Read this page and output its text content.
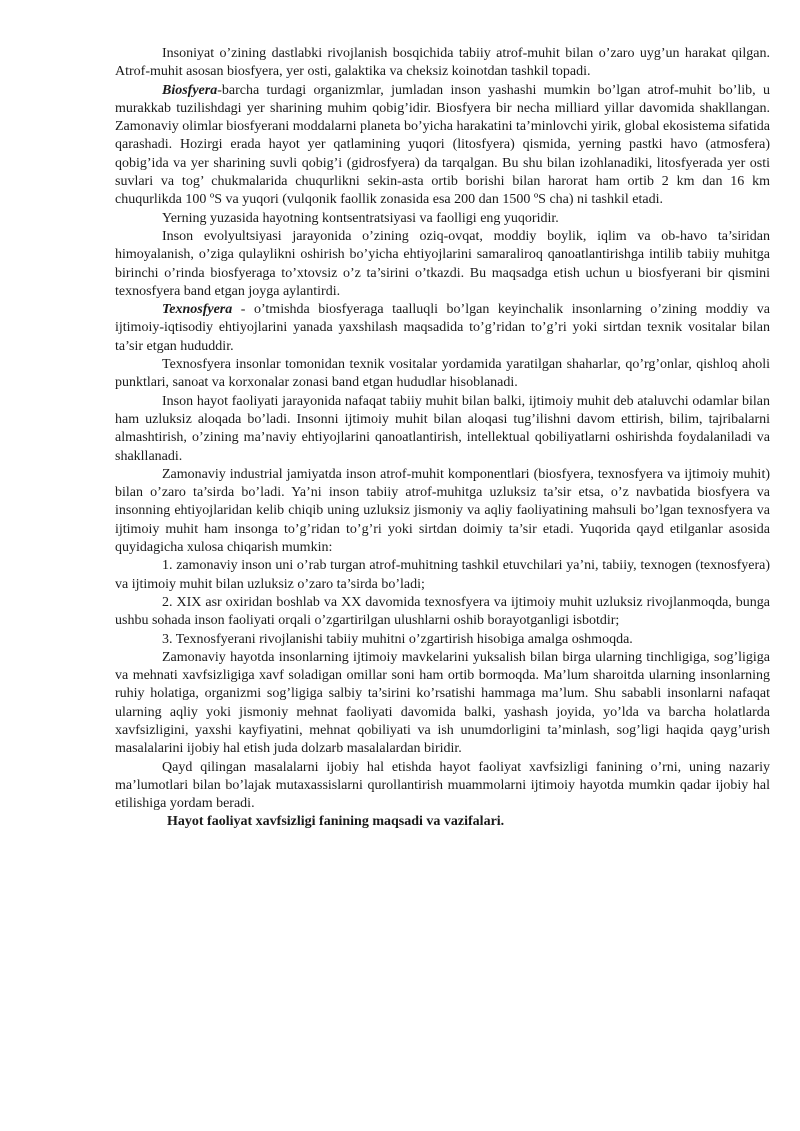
Insoniyat o’zining dastlabki rivojlanish bosqichida tabiiy atrof-muhit bilan o’zaro uyg’un harakat qilgan. Atrof-muhit asosan biosfyera, yer osti, galaktika va cheksiz koinotdan tashkil topadi.

Biosfyera-barcha turdagi organizmlar, jumladan inson yashashi mumkin bo’lgan atrof-muhit bo’lib, u murakkab tuzilishdagi yer sharining muhim qobig’idir. Biosfyera bir necha milliard yillar davomida shakllangan. Zamonaviy olimlar biosfyerani moddalarni planeta bo’yicha harakatini ta’minlovchi yirik, global ekosistema sifatida qarashadi. Hozirgi erada hayot yer qatlamining yuqori (litosfyera) qismida, yerning pastki havo (atmosfera) qobig’ida va yer sharining suvli qobig’i (gidrosfyera) da tarqalgan. Bu shu bilan izohlanadiki, litosfyerada yer osti suvlari va tog’ chukmalarida chuqurlikni sekin-asta ortib borishi bilan harorat ham ortib 2 km dan 16 km chuqurlikda 100 ºS va yuqori (vulqonik faollik zonasida esa 200 dan 1500 ºS cha) ni tashkil etadi.

Yerning yuzasida hayotning kontsentratsiyasi va faolligi eng yuqoridir.

Inson evolyultsiyasi jarayonida o’zining oziq-ovqat, moddiy boylik, iqlim va ob-havo ta’siridan himoyalanish, o’ziga qulaylikni oshirish bo’yicha ehtiyojlarini samaraliroq qanoatlantirishga intilib tabiiy muhitga birinchi o’rinda biosfyeraga to’xtovsiz o’z ta’sirini o’tkazdi. Bu maqsadga etish uchun u biosfyerani bir qismini texnosfyera band etgan joyga aylantirdi.

Texnosfyera - o’tmishda biosfyeraga taalluqli bo’lgan keyinchalik insonlarning o’zining moddiy va ijtimoiy-iqtisodiy ehtiyojlarini yanada yaxshilash maqsadida to’g’ridan to’g’ri yoki sirtdan texnik vositalar bilan ta’sir etgan hududdir.

Texnosfyera insonlar tomonidan texnik vositalar yordamida yaratilgan shaharlar, qo’rg’onlar, qishloq aholi punktlari, sanoat va korxonalar zonasi band etgan hududlar hisoblanadi.

Inson hayot faoliyati jarayonida nafaqat tabiiy muhit bilan balki, ijtimoiy muhit deb ataluvchi odamlar bilan ham uzluksiz aloqada bo’ladi. Insonni ijtimoiy muhit bilan aloqasi tug’ilishni davom ettirish, bilim, tajribalarni almashtirish, o’zining ma’naviy ehtiyojlarini qanoatlantirish, intellektual qobiliyatlarni oshirishda foydalaniladi va shakllanadi.

Zamonaviy industrial jamiyatda inson atrof-muhit komponentlari (biosfyera, texnosfyera va ijtimoiy muhit) bilan o’zaro ta’sirda bo’ladi. Ya’ni inson tabiiy atrof-muhitga uzluksiz ta’sir etsa, o’z navbatida biosfyera va insonning ehtiyojlaridan kelib chiqib uning uzluksiz jismoniy va aqliy faoliyatining mahsuli bo’lgan texnosfyera va ijtimoiy muhit ham insonga to’g’ridan to’g’ri yoki sirtdan doimiy ta’sir etadi. Yuqorida qayd etilganlar asosida quyidagicha xulosa chiqarish mumkin:

1. zamonaviy inson uni o’rab turgan atrof-muhitning tashkil etuvchilari ya’ni, tabiiy, texnogen (texnosfyera) va ijtimoiy muhit bilan uzluksiz o’zaro ta’sirda bo’ladi;

2. XIX asr oxiridan boshlab va XX davomida texnosfyera va ijtimoiy muhit uzluksiz rivojlanmoqda, bunga ushbu sohada inson faoliyati orqali o’zgartirilgan ulushlarni oshib borayotganligi isbotdir;

3. Texnosfyerani rivojlanishi tabiiy muhitni o’zgartirish hisobiga amalga oshmoqda.

Zamonaviy hayotda insonlarning ijtimoiy mavkelarini yuksalish bilan birga ularning tinchligiga, sog’ligiga va mehnati xavfsizligiga xavf soladigan omillar soni ham ortib bormoqda. Ma’lum sharoitda ularning insonlarning ruhiy holatiga, organizmi sog’ligiga salbiy ta’sirini ko’rsatishi hammaga ma’lum. Shu sababli insonlarni nafaqat ularning aqliy yoki jismoniy mehnat faoliyati davomida balki, yashash joyida, yo’lda va barcha holatlarda xavfsizligini, yaxshi kayfiyatini, mehnat qobiliyati va ish unumdorligini ta’minlash, sog’ligi haqida qayg’urish masalalarini ijobiy hal etish juda dolzarb masalalardan biridir.

Qayd qilingan masalalarni ijobiy hal etishda hayot faoliyat xavfsizligi fanining o’rni, uning nazariy ma’lumotlari bilan bo’lajak mutaxassislarni qurollantirish muammolarni ijtimoiy hayotda mumkin qadar ijobiy hal etilishiga yordam beradi.

Hayot faoliyat xavfsizligi fanining maqsadi va vazifalari.
